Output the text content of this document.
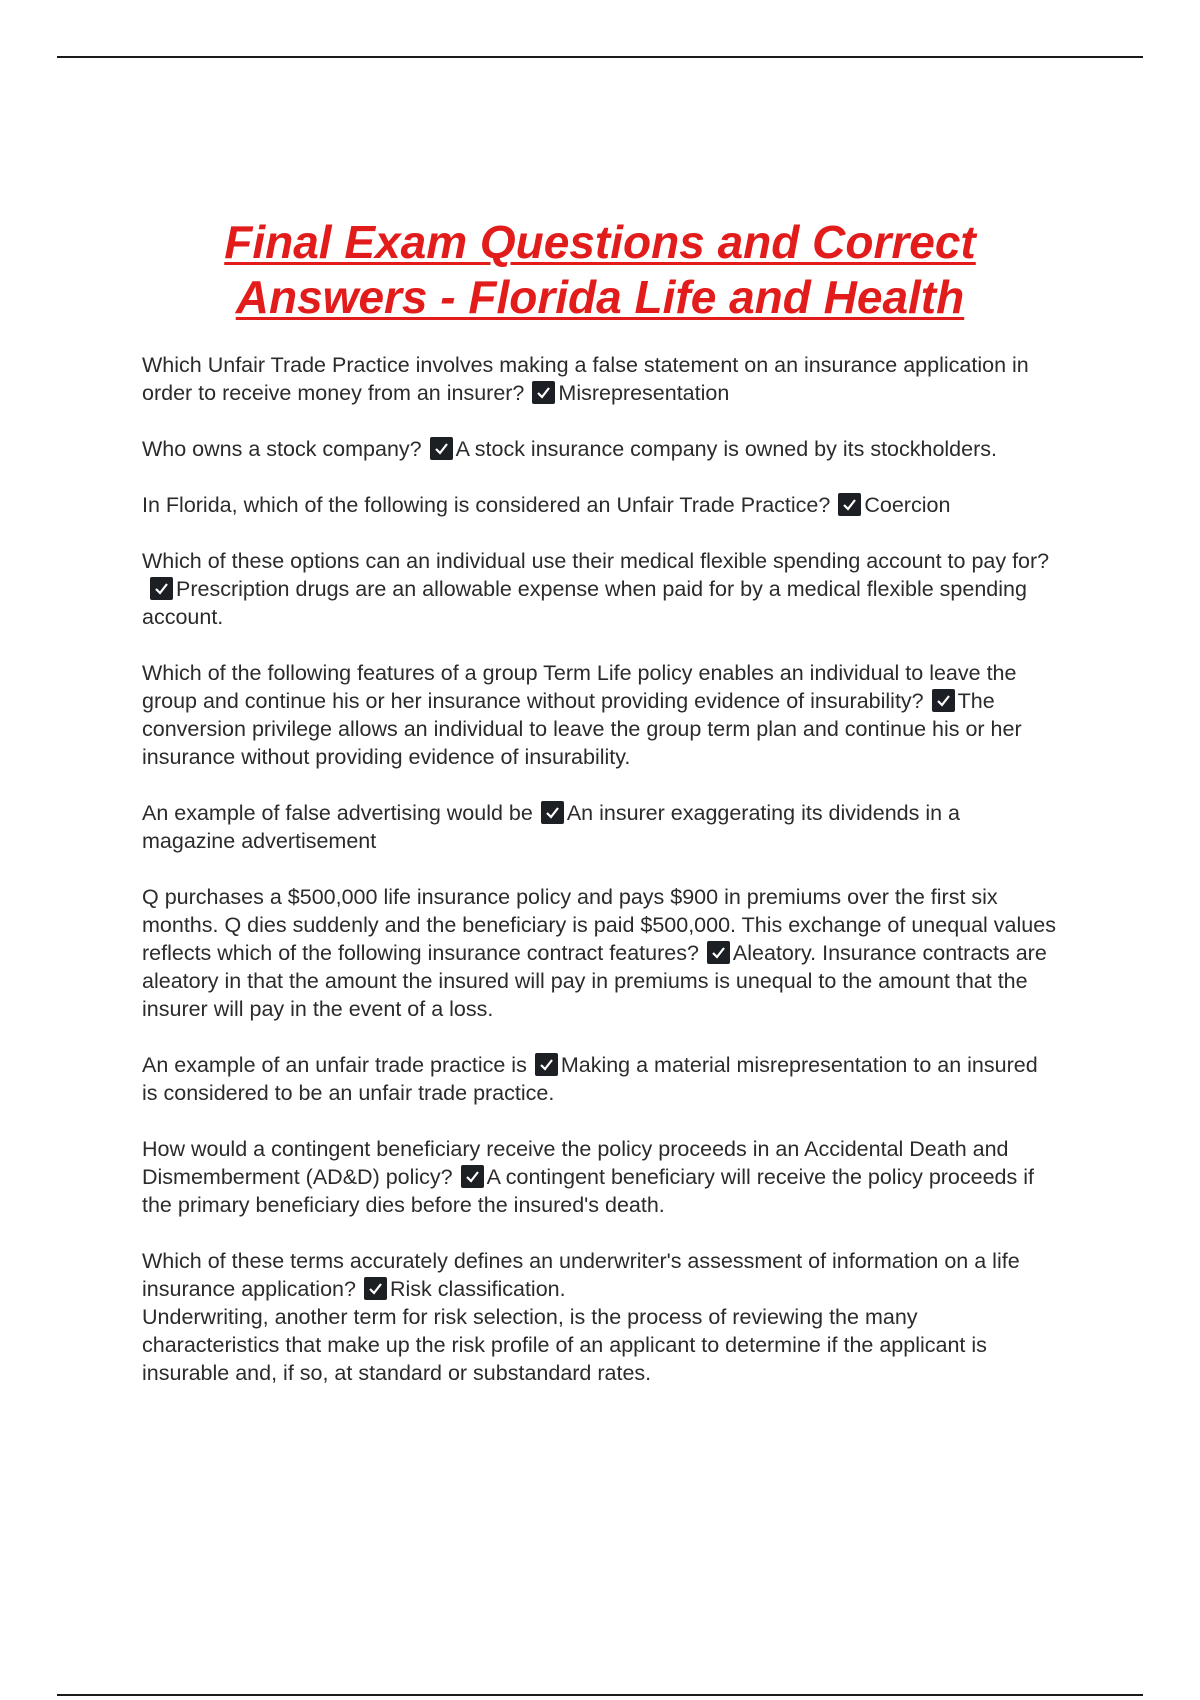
Final Exam Questions and Correct
Answers - Florida Life and Health

Which Unfair Trade Practice involves making a false statement on an insurance application in order to receive money from an insurer? Misrepresentation

Who owns a stock company? A stock insurance company is owned by its stockholders.

In Florida, which of the following is considered an Unfair Trade Practice? Coercion

Which of these options can an individual use their medical flexible spending account to pay for?
Prescription drugs are an allowable expense when paid for by a medical flexible spending account.

Which of the following features of a group Term Life policy enables an individual to leave the group and continue his or her insurance without providing evidence of insurability? The conversion privilege allows an individual to leave the group term plan and continue his or her insurance without providing evidence of insurability.

An example of false advertising would be An insurer exaggerating its dividends in a magazine advertisement

Q purchases a $500,000 life insurance policy and pays $900 in premiums over the first six months. Q dies suddenly and the beneficiary is paid $500,000. This exchange of unequal values reflects which of the following insurance contract features? Aleatory. Insurance contracts are aleatory in that the amount the insured will pay in premiums is unequal to the amount that the insurer will pay in the event of a loss.

An example of an unfair trade practice is Making a material misrepresentation to an insured is considered to be an unfair trade practice.

How would a contingent beneficiary receive the policy proceeds in an Accidental Death and Dismemberment (AD&D) policy? A contingent beneficiary will receive the policy proceeds if the primary beneficiary dies before the insured's death.

Which of these terms accurately defines an underwriter's assessment of information on a life insurance application? Risk classification.

Underwriting, another term for risk selection, is the process of reviewing the many characteristics that make up the risk profile of an applicant to determine if the applicant is insurable and, if so, at standard or substandard rates.
